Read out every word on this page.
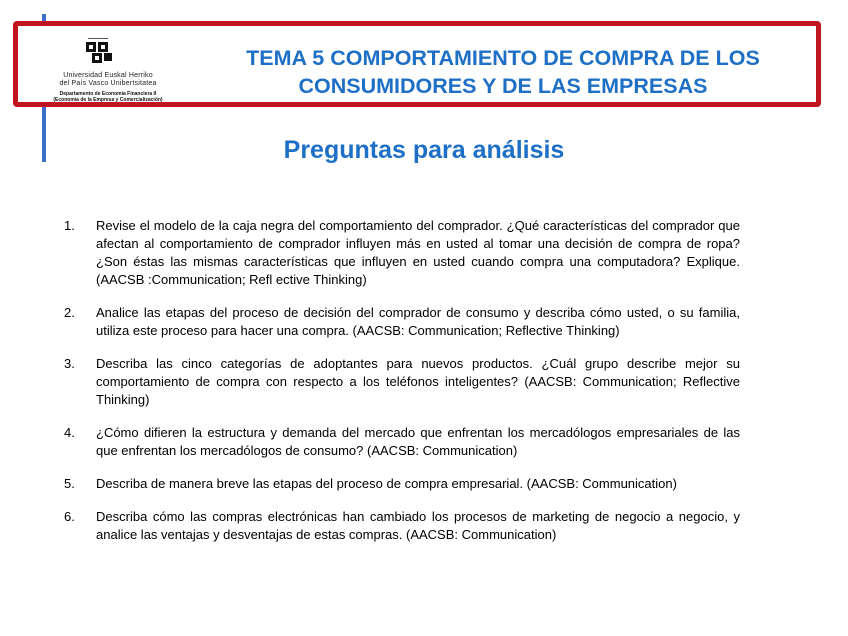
Universidad Euskal Herriko
del País Vasco Unibertsitatea
Departamento de Economía Financiera II
(Economía de la Empresa y Comercialización)
TEMA 5 COMPORTAMIENTO DE COMPRA DE LOS
CONSUMIDORES Y DE LAS EMPRESAS
Preguntas para análisis
1. Revise el modelo de la caja negra del comportamiento del comprador. ¿Qué características del comprador que afectan al comportamiento de comprador influyen más en usted al tomar una decisión de compra de ropa? ¿Son éstas las mismas características que influyen en usted cuando compra una computadora? Explique. (AACSB :Communication; Refl ective Thinking)
2. Analice las etapas del proceso de decisión del comprador de consumo y describa cómo usted, o su familia, utiliza este proceso para hacer una compra. (AACSB: Communication; Reflective Thinking)
3. Describa las cinco categorías de adoptantes para nuevos productos. ¿Cuál grupo describe mejor su comportamiento de compra con respecto a los teléfonos inteligentes? (AACSB: Communication; Reflective Thinking)
4. ¿Cómo difieren la estructura y demanda del mercado que enfrentan los mercadólogos empresariales de las que enfrentan los mercadólogos de consumo? (AACSB: Communication)
5. Describa de manera breve las etapas del proceso de compra empresarial. (AACSB: Communication)
6. Describa cómo las compras electrónicas han cambiado los procesos de marketing de negocio a negocio, y analice las ventajas y desventajas de estas compras. (AACSB: Communication)
